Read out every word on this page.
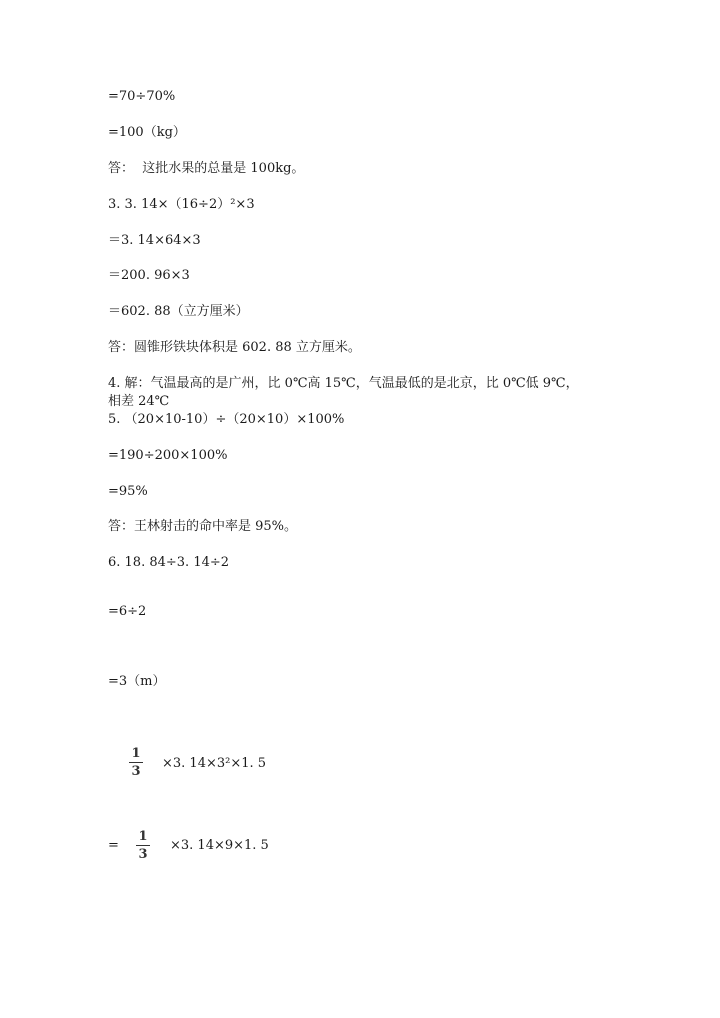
=70÷70%
=100（kg）
答：  这批水果的总量是 100kg。
3. 3. 14×（16÷2）²×3
＝3. 14×64×3
＝200. 96×3
＝602. 88（立方厘米）
答：圆锥形铁块体积是 602. 88 立方厘米。
4. 解：气温最高的是广州，比 0℃高 15℃，气温最低的是北京，比 0℃低 9℃，
相差 24℃
5. （20×10-10）÷（20×10）×100%
=190÷200×100%
=95%
答：王林射击的命中率是 95%。
6. 18. 84÷3. 14÷2
=6÷2
=3（m）
1
3
×3. 14×3²×1. 5
=
1
3
×3. 14×9×1. 5
